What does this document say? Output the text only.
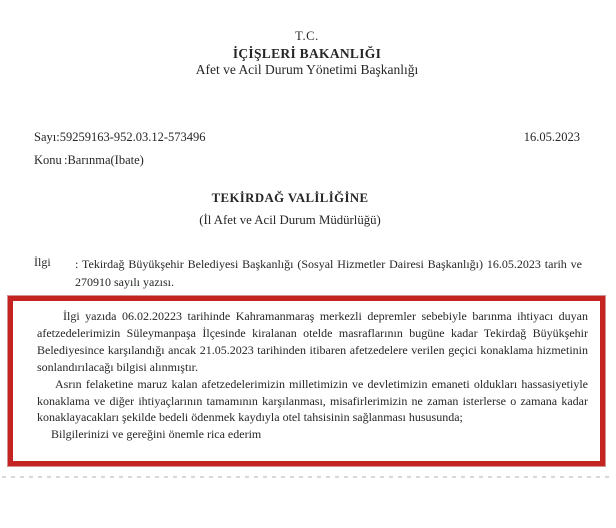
T.C.
İÇİŞLERİ BAKANLIĞI
Afet ve Acil Durum Yönetimi Başkanlığı
Sayı:59259163-952.03.12-573496	16.05.2023
Konu :Barınma(Ibate)
TEKİRDAĞ VALİLİĞİNE
(İl Afet ve Acil Durum Müdürlüğü)
İlgi	: Tekirdağ Büyükşehir Belediyesi Başkanlığı (Sosyal Hizmetler Dairesi Başkanlığı) 16.05.2023 tarih ve 270910 sayılı yazısı.

İlgi yazıda 06.02.20223 tarihinde Kahramanmaraş merkezli depremler sebebiyle barınma ihtiyacı duyan afetzedelerimizin Süleymanpaşa İlçesinde kiralanan otelde masraflarının bugüne kadar Tekirdağ Büyükşehir Belediyesince karşılandığı ancak 21.05.2023 tarihinden itibaren afetzedelere verilen geçici konaklama hizmetinin sonlandırılacağı bilgisi alınmıştır.

Asrın felaketine maruz kalan afetzedelerimizin milletimizin ve devletimizin emaneti oldukları hassasiyetiyle konaklama ve diğer ihtiyaçlarının tamamının karşılanması, misafirlerimizin ne zaman isterlerse o zamana kadar konaklayacakları şekilde bedeli ödenmek kaydıyla otel tahsisinin sağlanması hususunda;

Bilgilerinizi ve gereğini önemle rica ederim
